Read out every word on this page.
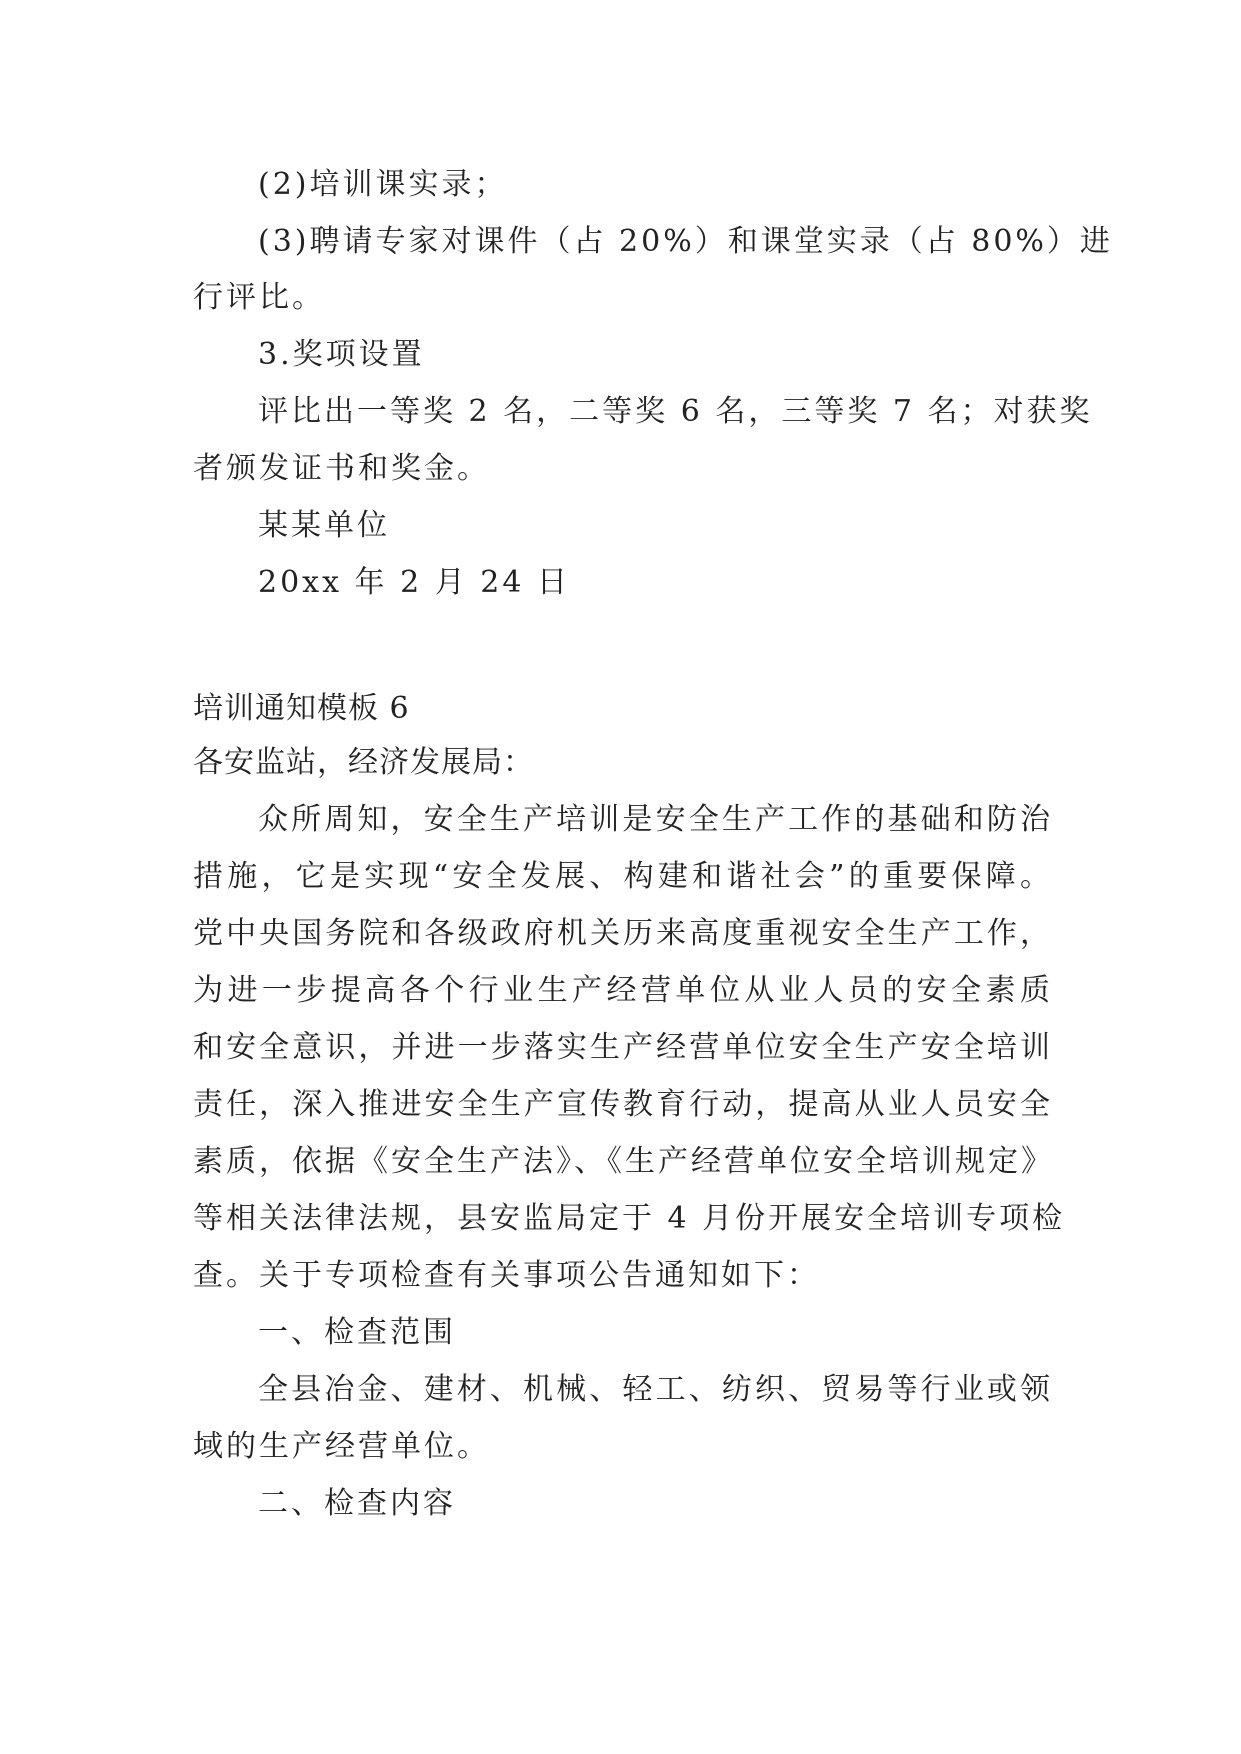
(2)培训课实录；
(3)聘请专家对课件（占 20%）和课堂实录（占 80%）进
行评比。
3.奖项设置
评比出一等奖 2 名，二等奖 6 名，三等奖 7 名；对获奖
者颁发证书和奖金。
某某单位
20xx 年 2 月 24 日
培训通知模板 6
各安监站，经济发展局：
众所周知，安全生产培训是安全生产工作的基础和防治
措施，它是实现“安全发展、构建和谐社会”的重要保障。
党中央国务院和各级政府机关历来高度重视安全生产工作，
为进一步提高各个行业生产经营单位从业人员的安全素质
和安全意识，并进一步落实生产经营单位安全生产安全培训
责任，深入推进安全生产宣传教育行动，提高从业人员安全
素质，依据《安全生产法》、《生产经营单位安全培训规定》
等相关法律法规，县安监局定于 4 月份开展安全培训专项检
查。关于专项检查有关事项公告通知如下：
一、检查范围
全县冶金、建材、机械、轻工、纺织、贸易等行业或领
域的生产经营单位。
二、检查内容
